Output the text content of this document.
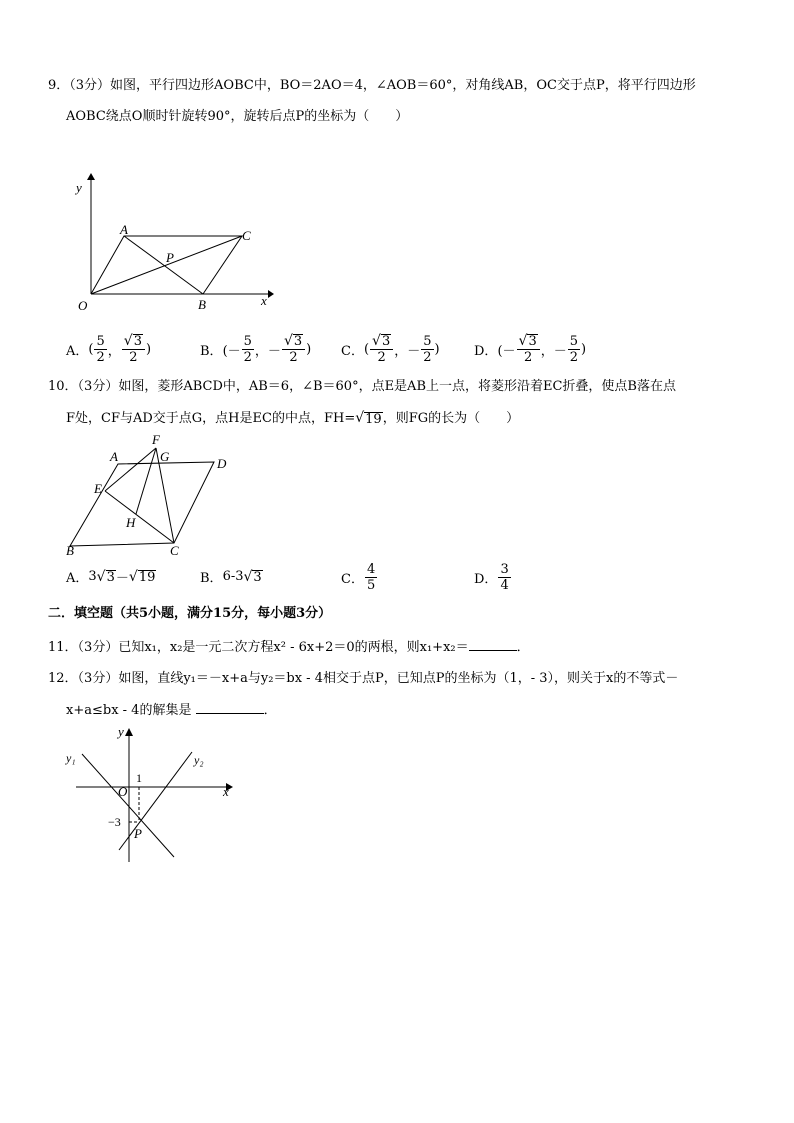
9．（3分）如图，平行四边形AOBC中，BO＝2AO＝4，∠AOB＝60°，对角线AB，OC交于点P，将平行四边形
AOBC绕点O顺时针旋转90°，旋转后点P的坐标为（　　）
y
x
O
A
B
C
P
A． ( $\frac{5}{2}$ ， $\frac{√ 3}{2}$ )	B． (－ $\frac{5}{2}$ ，－ $\frac{√ 3}{2}$ ) C． ( $\frac{√ 3}{2}$ ，－ $\frac{5}{2}$ )	D． (－ $\frac{√ 3}{2}$ ，－ $\frac{5}{2}$ )
10．（3分）如图，菱形ABCD中，AB＝6，∠B＝60°，点E是AB上一点，将菱形沿着EC折叠，使点B落在点
F处，CF与AD交于点G，点H是EC的中点，FH= √ 19 ，则FG的长为（　　）
F
A	G	D
E
H
B	C
A． 3 √ 3 － √ 19	B． 6-3 √ 3	C． $\frac{4}{5}$	D． $\frac{3}{4}$
二．填空题（共5小题，满分15分，每小题3分）
11．（3分）已知x₁，x₂是一元二次方程x² - 6x+2＝0的两根，则x₁+x₂＝	．
12．（3分）如图，直线y₁＝－x+a与y₂＝bx - 4相交于点P，已知点P的坐标为（1，- 3），则关于x的不等式－
x+a≤bx - 4的解集是	．
y
x
O
y₁	y₂
1
−3
P
